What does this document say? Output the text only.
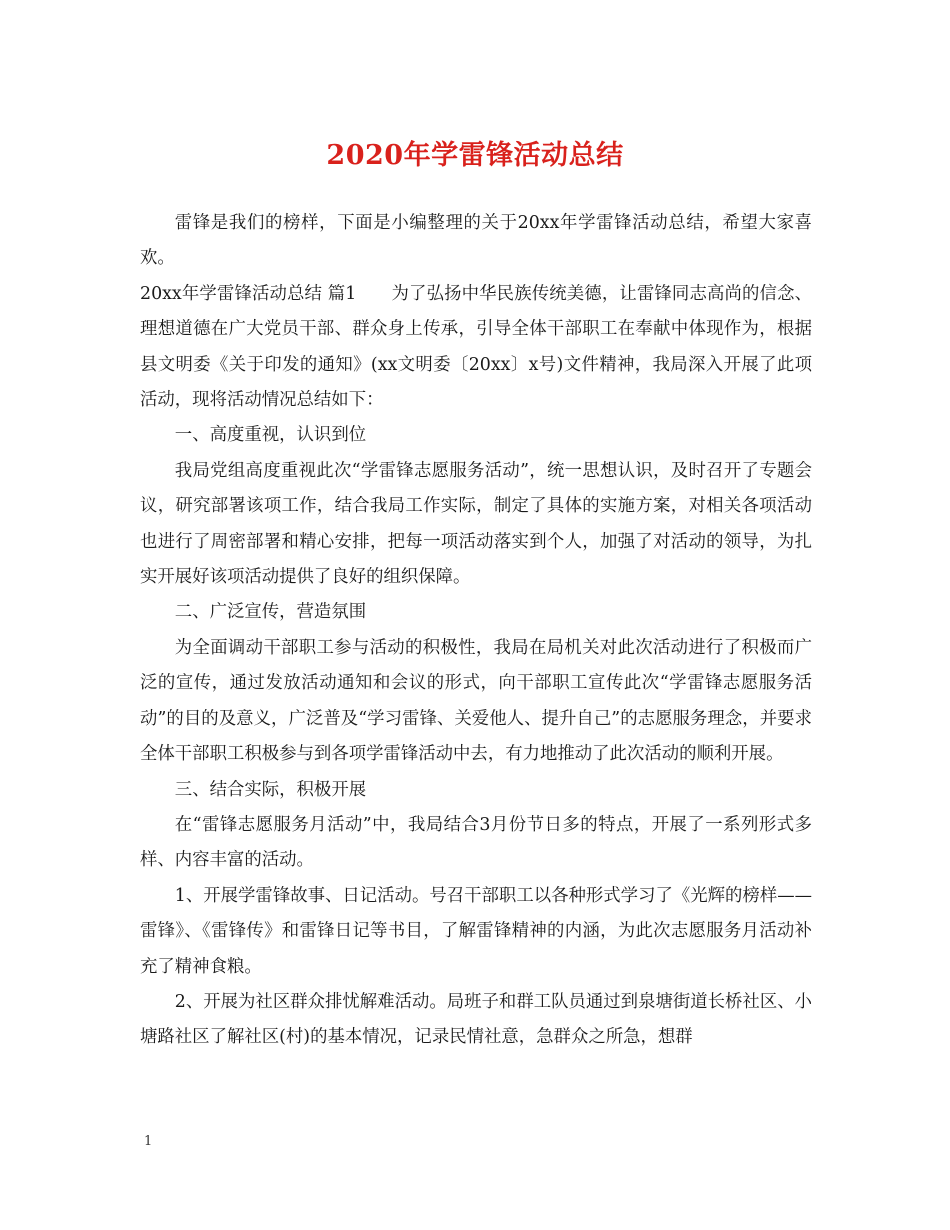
2020年学雷锋活动总结

雷锋是我们的榜样，下面是小编整理的关于20xx年学雷锋活动总结，希望大家喜欢。

20xx年学雷锋活动总结 篇1　　为了弘扬中华民族传统美德，让雷锋同志高尚的信念、理想道德在广大党员干部、群众身上传承，引导全体干部职工在奉献中体现作为，根据县文明委《关于印发的通知》(xx文明委〔20xx〕x号)文件精神，我局深入开展了此项活动，现将活动情况总结如下：

一、高度重视，认识到位

我局党组高度重视此次“学雷锋志愿服务活动”，统一思想认识，及时召开了专题会议，研究部署该项工作，结合我局工作实际，制定了具体的实施方案，对相关各项活动也进行了周密部署和精心安排，把每一项活动落实到个人，加强了对活动的领导，为扎实开展好该项活动提供了良好的组织保障。

二、广泛宣传，营造氛围

为全面调动干部职工参与活动的积极性，我局在局机关对此次活动进行了积极而广泛的宣传，通过发放活动通知和会议的形式，向干部职工宣传此次“学雷锋志愿服务活动”的目的及意义，广泛普及“学习雷锋、关爱他人、提升自己”的志愿服务理念，并要求全体干部职工积极参与到各项学雷锋活动中去，有力地推动了此次活动的顺利开展。

三、结合实际，积极开展

在“雷锋志愿服务月活动”中，我局结合3月份节日多的特点，开展了一系列形式多样、内容丰富的活动。

1、开展学雷锋故事、日记活动。号召干部职工以各种形式学习了《光辉的榜样——雷锋》、《雷锋传》和雷锋日记等书目，了解雷锋精神的内涵，为此次志愿服务月活动补充了精神食粮。

2、开展为社区群众排忧解难活动。局班子和群工队员通过到泉塘街道长桥社区、小塘路社区了解社区(村)的基本情况，记录民情社意，急群众之所急，想群

1
